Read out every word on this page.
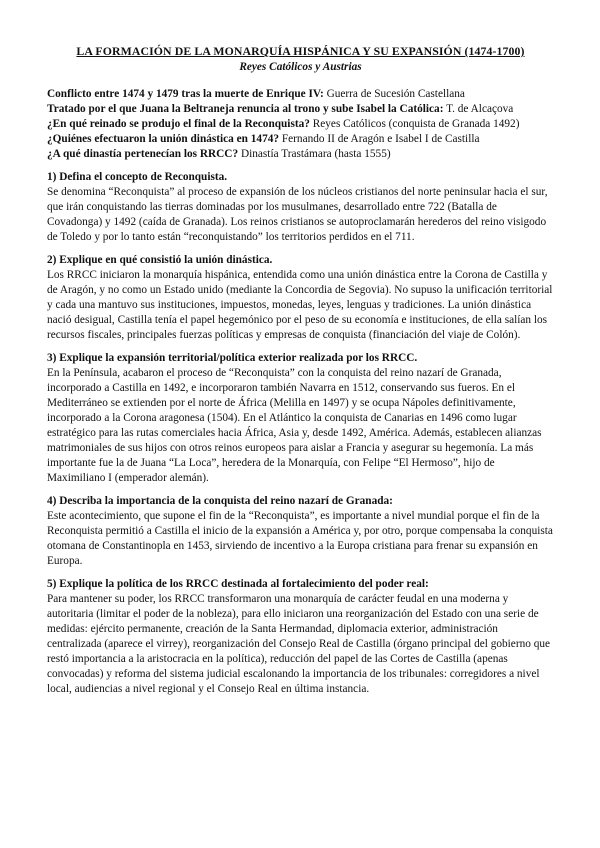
LA FORMACIÓN DE LA MONARQUÍA HISPÁNICA Y SU EXPANSIÓN (1474-1700)

Reyes Católicos y Austrias

Conflicto entre 1474 y 1479 tras la muerte de Enrique IV: Guerra de Sucesión Castellana

Tratado por el que Juana la Beltraneja renuncia al trono y sube Isabel la Católica: T. de Alcaçova

¿En qué reinado se produjo el final de la Reconquista? Reyes Católicos (conquista de Granada 1492)

¿Quiénes efectuaron la unión dinástica en 1474? Fernando II de Aragón e Isabel I de Castilla

¿A qué dinastía pertenecían los RRCC? Dinastía Trastámara (hasta 1555)

1) Defina el concepto de Reconquista.

Se denomina “Reconquista” al proceso de expansión de los núcleos cristianos del norte peninsular hacia el sur, que irán conquistando las tierras dominadas por los musulmanes, desarrollado entre 722 (Batalla de Covadonga) y 1492 (caída de Granada). Los reinos cristianos se autoproclamarán herederos del reino visigodo de Toledo y por lo tanto están “reconquistando” los territorios perdidos en el 711.

2) Explique en qué consistió la unión dinástica.

Los RRCC iniciaron la monarquía hispánica, entendida como una unión dinástica entre la Corona de Castilla y de Aragón, y no como un Estado unido (mediante la Concordia de Segovia). No supuso la unificación territorial y cada una mantuvo sus instituciones, impuestos, monedas, leyes, lenguas y tradiciones. La unión dinástica nació desigual, Castilla tenía el papel hegemónico por el peso de su economía e instituciones, de ella salían los recursos fiscales, principales fuerzas políticas y empresas de conquista (financiación del viaje de Colón).

3) Explique la expansión territorial/política exterior realizada por los RRCC.

En la Península, acabaron el proceso de “Reconquista” con la conquista del reino nazarí de Granada, incorporado a Castilla en 1492, e incorporaron también Navarra en 1512, conservando sus fueros. En el Mediterráneo se extienden por el norte de África (Melilla en 1497) y se ocupa Nápoles definitivamente, incorporado a la Corona aragonesa (1504). En el Atlántico la conquista de Canarias en 1496 como lugar estratégico para las rutas comerciales hacia África, Asia y, desde 1492, América. Además, establecen alianzas matrimoniales de sus hijos con otros reinos europeos para aislar a Francia y asegurar su hegemonía. La más importante fue la de Juana “La Loca”, heredera de la Monarquía, con Felipe “El Hermoso”, hijo de Maximiliano I (emperador alemán).

4) Describa la importancia de la conquista del reino nazarí de Granada:

Este acontecimiento, que supone el fin de la “Reconquista”, es importante a nivel mundial porque el fin de la Reconquista permitió a Castilla el inicio de la expansión a América y, por otro, porque compensaba la conquista otomana de Constantinopla en 1453, sirviendo de incentivo a la Europa cristiana para frenar su expansión en Europa.

5) Explique la política de los RRCC destinada al fortalecimiento del poder real:

Para mantener su poder, los RRCC transformaron una monarquía de carácter feudal en una moderna y autoritaria (limitar el poder de la nobleza), para ello iniciaron una reorganización del Estado con una serie de medidas: ejército permanente, creación de la Santa Hermandad, diplomacia exterior, administración centralizada (aparece el virrey), reorganización del Consejo Real de Castilla (órgano principal del gobierno que restó importancia a la aristocracia en la política), reducción del papel de las Cortes de Castilla (apenas convocadas) y reforma del sistema judicial escalonando la importancia de los tribunales: corregidores a nivel local, audiencias a nivel regional y el Consejo Real en última instancia.
